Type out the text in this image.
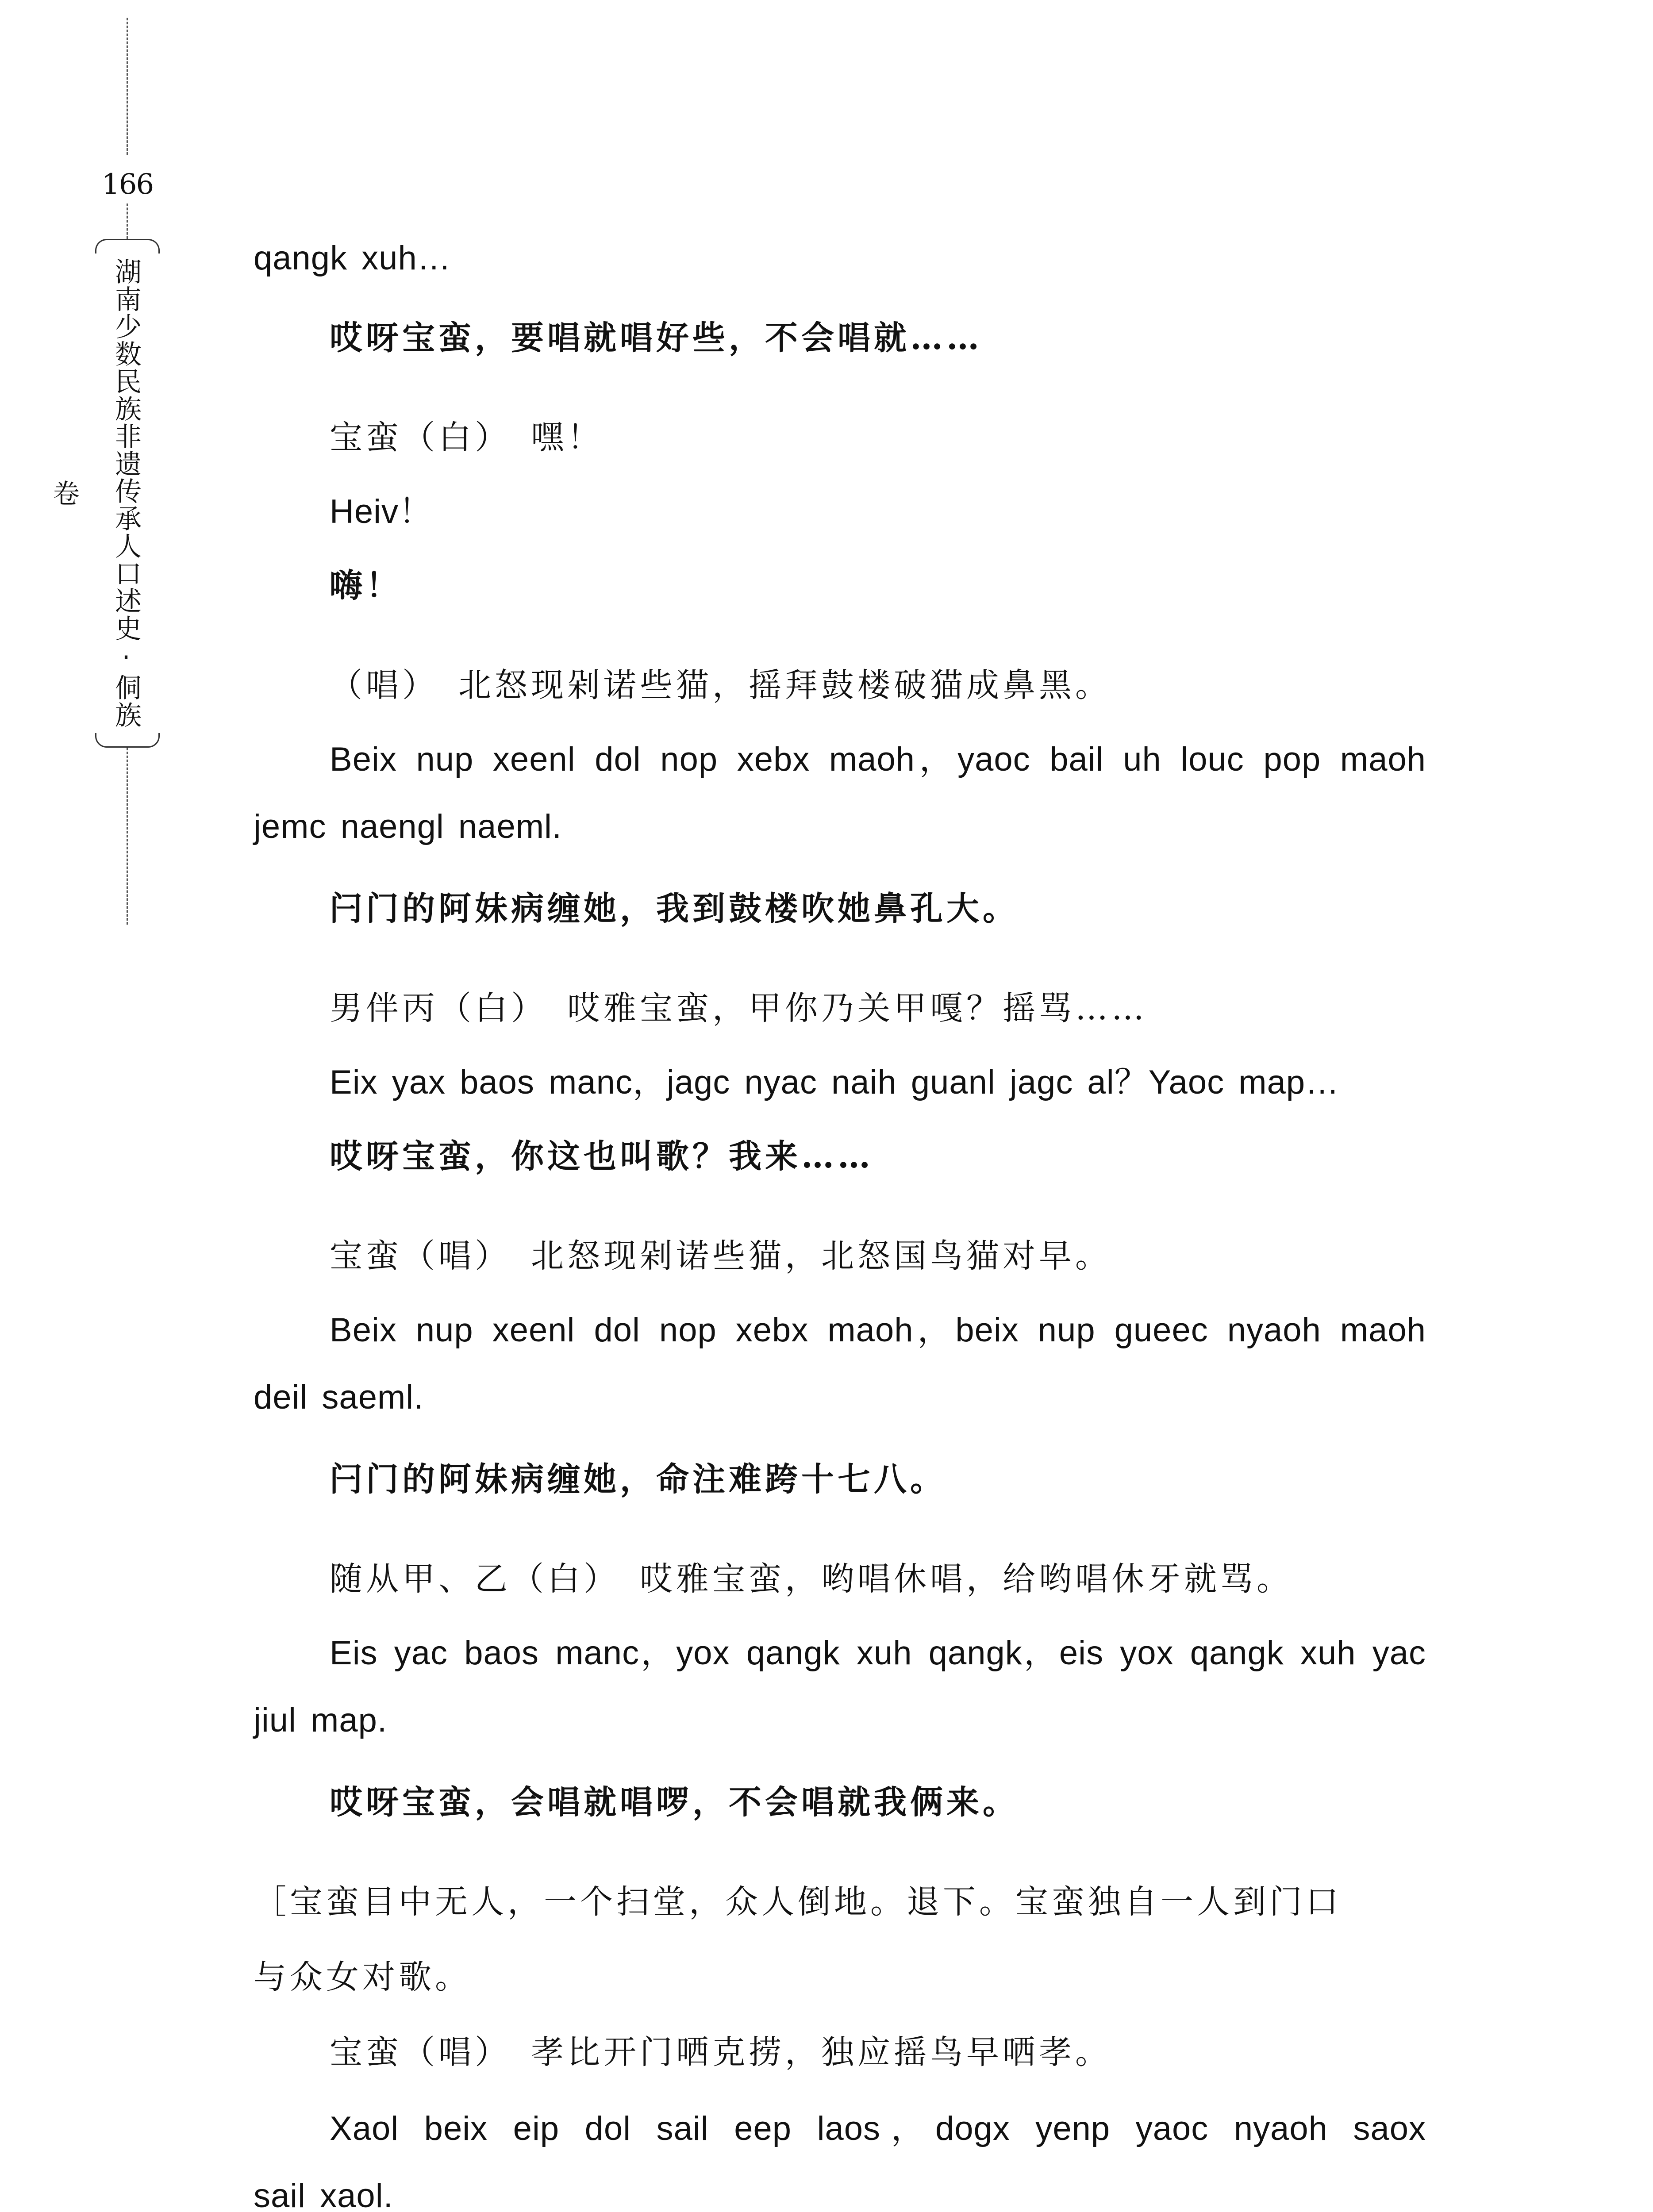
166
湖南少数民族非遗传承人口述史·侗族卷

qangk xuh…

哎呀宝蛮，要唱就唱好些，不会唱就……

宝蛮（白）　嘿！

Heiv！

嗨！

（唱）　北怒现剁诺些猫，摇拜鼓楼破猫成鼻黑。

Beix nup xeenl dol nop xebx maoh，yaoc bail uh louc pop maoh

jemc naengl naeml.

闩门的阿妹病缠她，我到鼓楼吹她鼻孔大。

男伴丙（白）　哎雅宝蛮，甲你乃关甲嘎？摇骂……

Eix yax baos manc，jagc nyac naih guanl jagc al？Yaoc map…

哎呀宝蛮，你这也叫歌？我来……

宝蛮（唱）　北怒现剁诺些猫，北怒国鸟猫对早。

Beix nup xeenl dol nop xebx maoh，beix nup gueec nyaoh maoh

deil saeml.

闩门的阿妹病缠她，命注难跨十七八。

随从甲、乙（白）　哎雅宝蛮，哟唱休唱，给哟唱休牙就骂。

Eis yac baos manc，yox qangk xuh qangk，eis yox qangk xuh yac

jiul map.

哎呀宝蛮，会唱就唱啰，不会唱就我俩来。

［宝蛮目中无人，一个扫堂，众人倒地。退下。宝蛮独自一人到门口

与众女对歌。

宝蛮（唱）　孝比开门哂克捞，独应摇鸟早哂孝。

Xaol beix eip dol sail eep laos，dogx yenp yaoc nyaoh saox

sail xaol.
